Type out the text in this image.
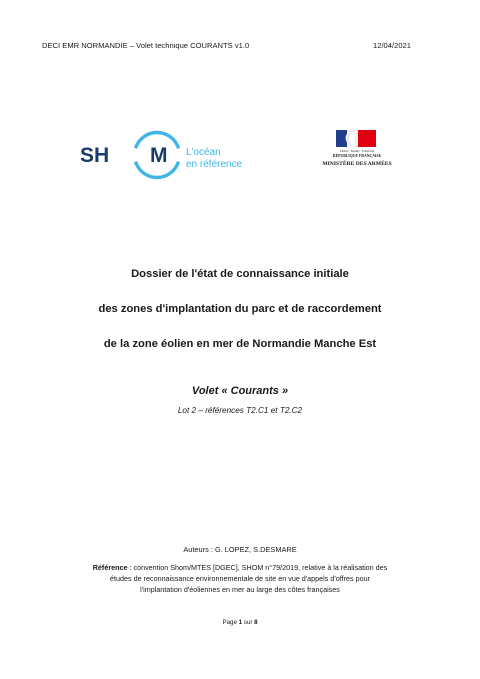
DECI EMR NORMANDIE – Volet technique COURANTS v1.0	12/04/2021
SH M L'océan
en référence
Liberté · Égalité · Fraternité
RÉPUBLIQUE FRANÇAISE
MINISTÈRE DES ARMÉES
Dossier de l'état de connaissance initiale
des zones d'implantation du parc et de raccordement
de la zone éolien en mer de Normandie Manche Est
Volet « Courants »
Lot 2 – références T2.C1 et T2.C2
Auteurs : G. LOPEZ, S.DESMARE
Référence : convention Shom/MTES [DGEC], SHOM n°79/2019, relative à la réalisation des
études de reconnaissance environnementale de site en vue d'appels d'offres pour
l'implantation d'éoliennes en mer au large des côtes françaises
Page 1 sur 8
